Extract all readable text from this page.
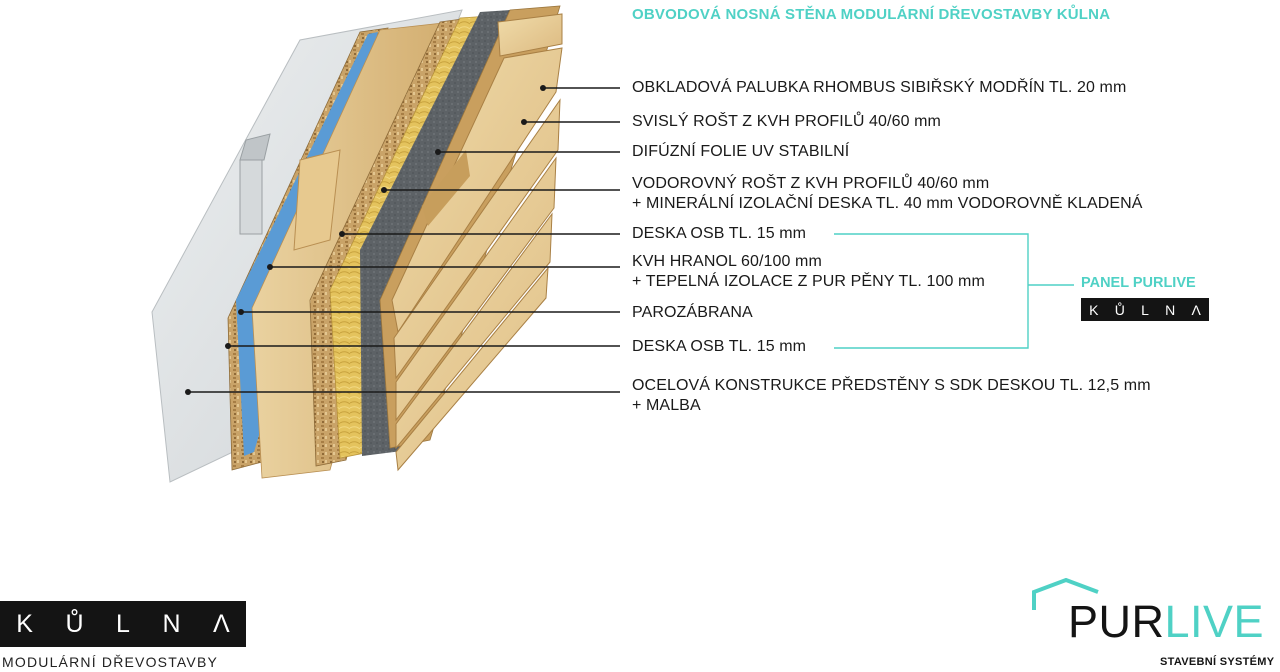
OBVODOVÁ NOSNÁ STĚNA MODULÁRNÍ DŘEVOSTAVBY KŮLNA
OBKLADOVÁ PALUBKA RHOMBUS SIBIŘSKÝ MODŘÍN TL. 20 mm
SVISLÝ ROŠT Z KVH PROFILŮ 40/60 mm
DIFÚZNÍ FOLIE UV STABILNÍ
VODOROVNÝ ROŠT Z KVH PROFILŮ 40/60 mm
+ MINERÁLNÍ IZOLAČNÍ DESKA TL. 40 mm VODOROVNĚ KLADENÁ
DESKA OSB TL. 15 mm
KVH HRANOL 60/100 mm
+ TEPELNÁ IZOLACE Z PUR PĚNY TL. 100 mm
PAROZÁBRANA
DESKA OSB TL. 15 mm
OCELOVÁ KONSTRUKCE PŘEDSTĚNY S SDK DESKOU TL. 12,5 mm
+ MALBA
PANEL PURLIVE
K Ů L N Λ
K Ů L N Λ
MODULÁRNÍ DŘEVOSTAVBY
PURLIVE
STAVEBNÍ SYSTÉMY
